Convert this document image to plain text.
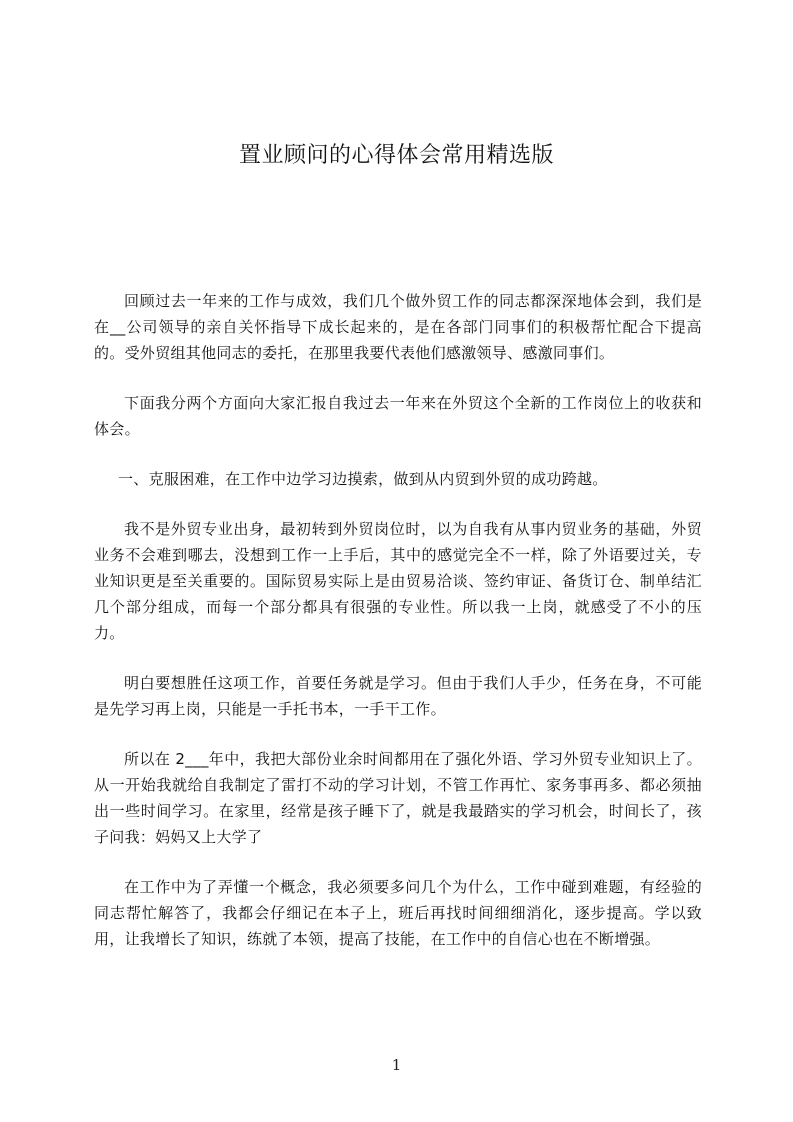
置业顾问的心得体会常用精选版

回顾过去一年来的工作与成效，我们几个做外贸工作的同志都深深地体会到，我们是在__公司领导的亲自关怀指导下成长起来的，是在各部门同事们的积极帮忙配合下提高的。受外贸组其他同志的委托，在那里我要代表他们感激领导、感激同事们。

下面我分两个方面向大家汇报自我过去一年来在外贸这个全新的工作岗位上的收获和体会。

一、克服困难，在工作中边学习边摸索，做到从内贸到外贸的成功跨越。

我不是外贸专业出身，最初转到外贸岗位时，以为自我有从事内贸业务的基础，外贸业务不会难到哪去，没想到工作一上手后，其中的感觉完全不一样，除了外语要过关，专业知识更是至关重要的。国际贸易实际上是由贸易洽谈、签约审证、备货订仓、制单结汇几个部分组成，而每一个部分都具有很强的专业性。所以我一上岗，就感受了不小的压力。

明白要想胜任这项工作，首要任务就是学习。但由于我们人手少，任务在身，不可能是先学习再上岗，只能是一手托书本，一手干工作。

所以在 2___年中，我把大部份业余时间都用在了强化外语、学习外贸专业知识上了。从一开始我就给自我制定了雷打不动的学习计划，不管工作再忙、家务事再多、都必须抽出一些时间学习。在家里，经常是孩子睡下了，就是我最踏实的学习机会，时间长了，孩子问我：妈妈又上大学了

在工作中为了弄懂一个概念，我必须要多问几个为什么，工作中碰到难题，有经验的同志帮忙解答了，我都会仔细记在本子上，班后再找时间细细消化，逐步提高。学以致用，让我增长了知识，练就了本领，提高了技能，在工作中的自信心也在不断增强。

1
